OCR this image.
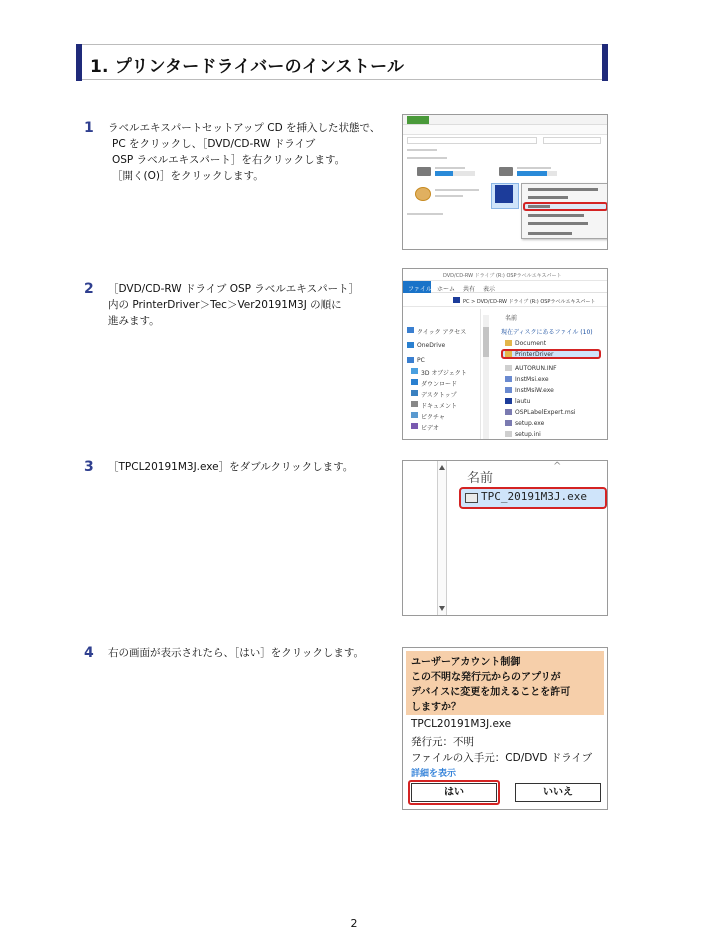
1. プリンタードライバーのインストール
1 ラベルエキスパートセットアップ CD を挿入した状態で、
PC をクリックし、［DVD/CD-RW ドライブ
OSP ラベルエキスパート］を右クリックします。
［開く(O)］をクリックします。
2 ［DVD/CD-RW ドライブ OSP ラベルエキスパート］
内の PrinterDriver＞Tec＞Ver20191M3J の順に
進みます。
DVD/CD-RW ドライブ (R:) OSPラベルエキスパート
ファイル ホーム 共有 表示
PC > DVD/CD-RW ドライブ (R:) OSPラベルエキスパート
クイック アクセス
OneDrive
PC
3D オブジェクト
ダウンロード
デスクトップ
ドキュメント
ピクチャ
ビデオ
名前
現在ディスクにあるファイル (10)
Document
PrinterDriver
AUTORUN.INF
InstMsi.exe
InstMsiW.exe
lautu
OSPLabelExpert.msi
setup.exe
setup.ini
3 ［TPCL20191M3J.exe］をダブルクリックします。
名前
^
TPC_20191M3J.exe
4 右の画面が表示されたら、［はい］をクリックします。
ユーザーアカウント制御
この不明な発行元からのアプリが
デバイスに変更を加えることを許可
しますか？
TPCL20191M3J.exe
発行元：不明
ファイルの入手元：CD/DVD ドライブ
詳細を表示
はい	いいえ
2
